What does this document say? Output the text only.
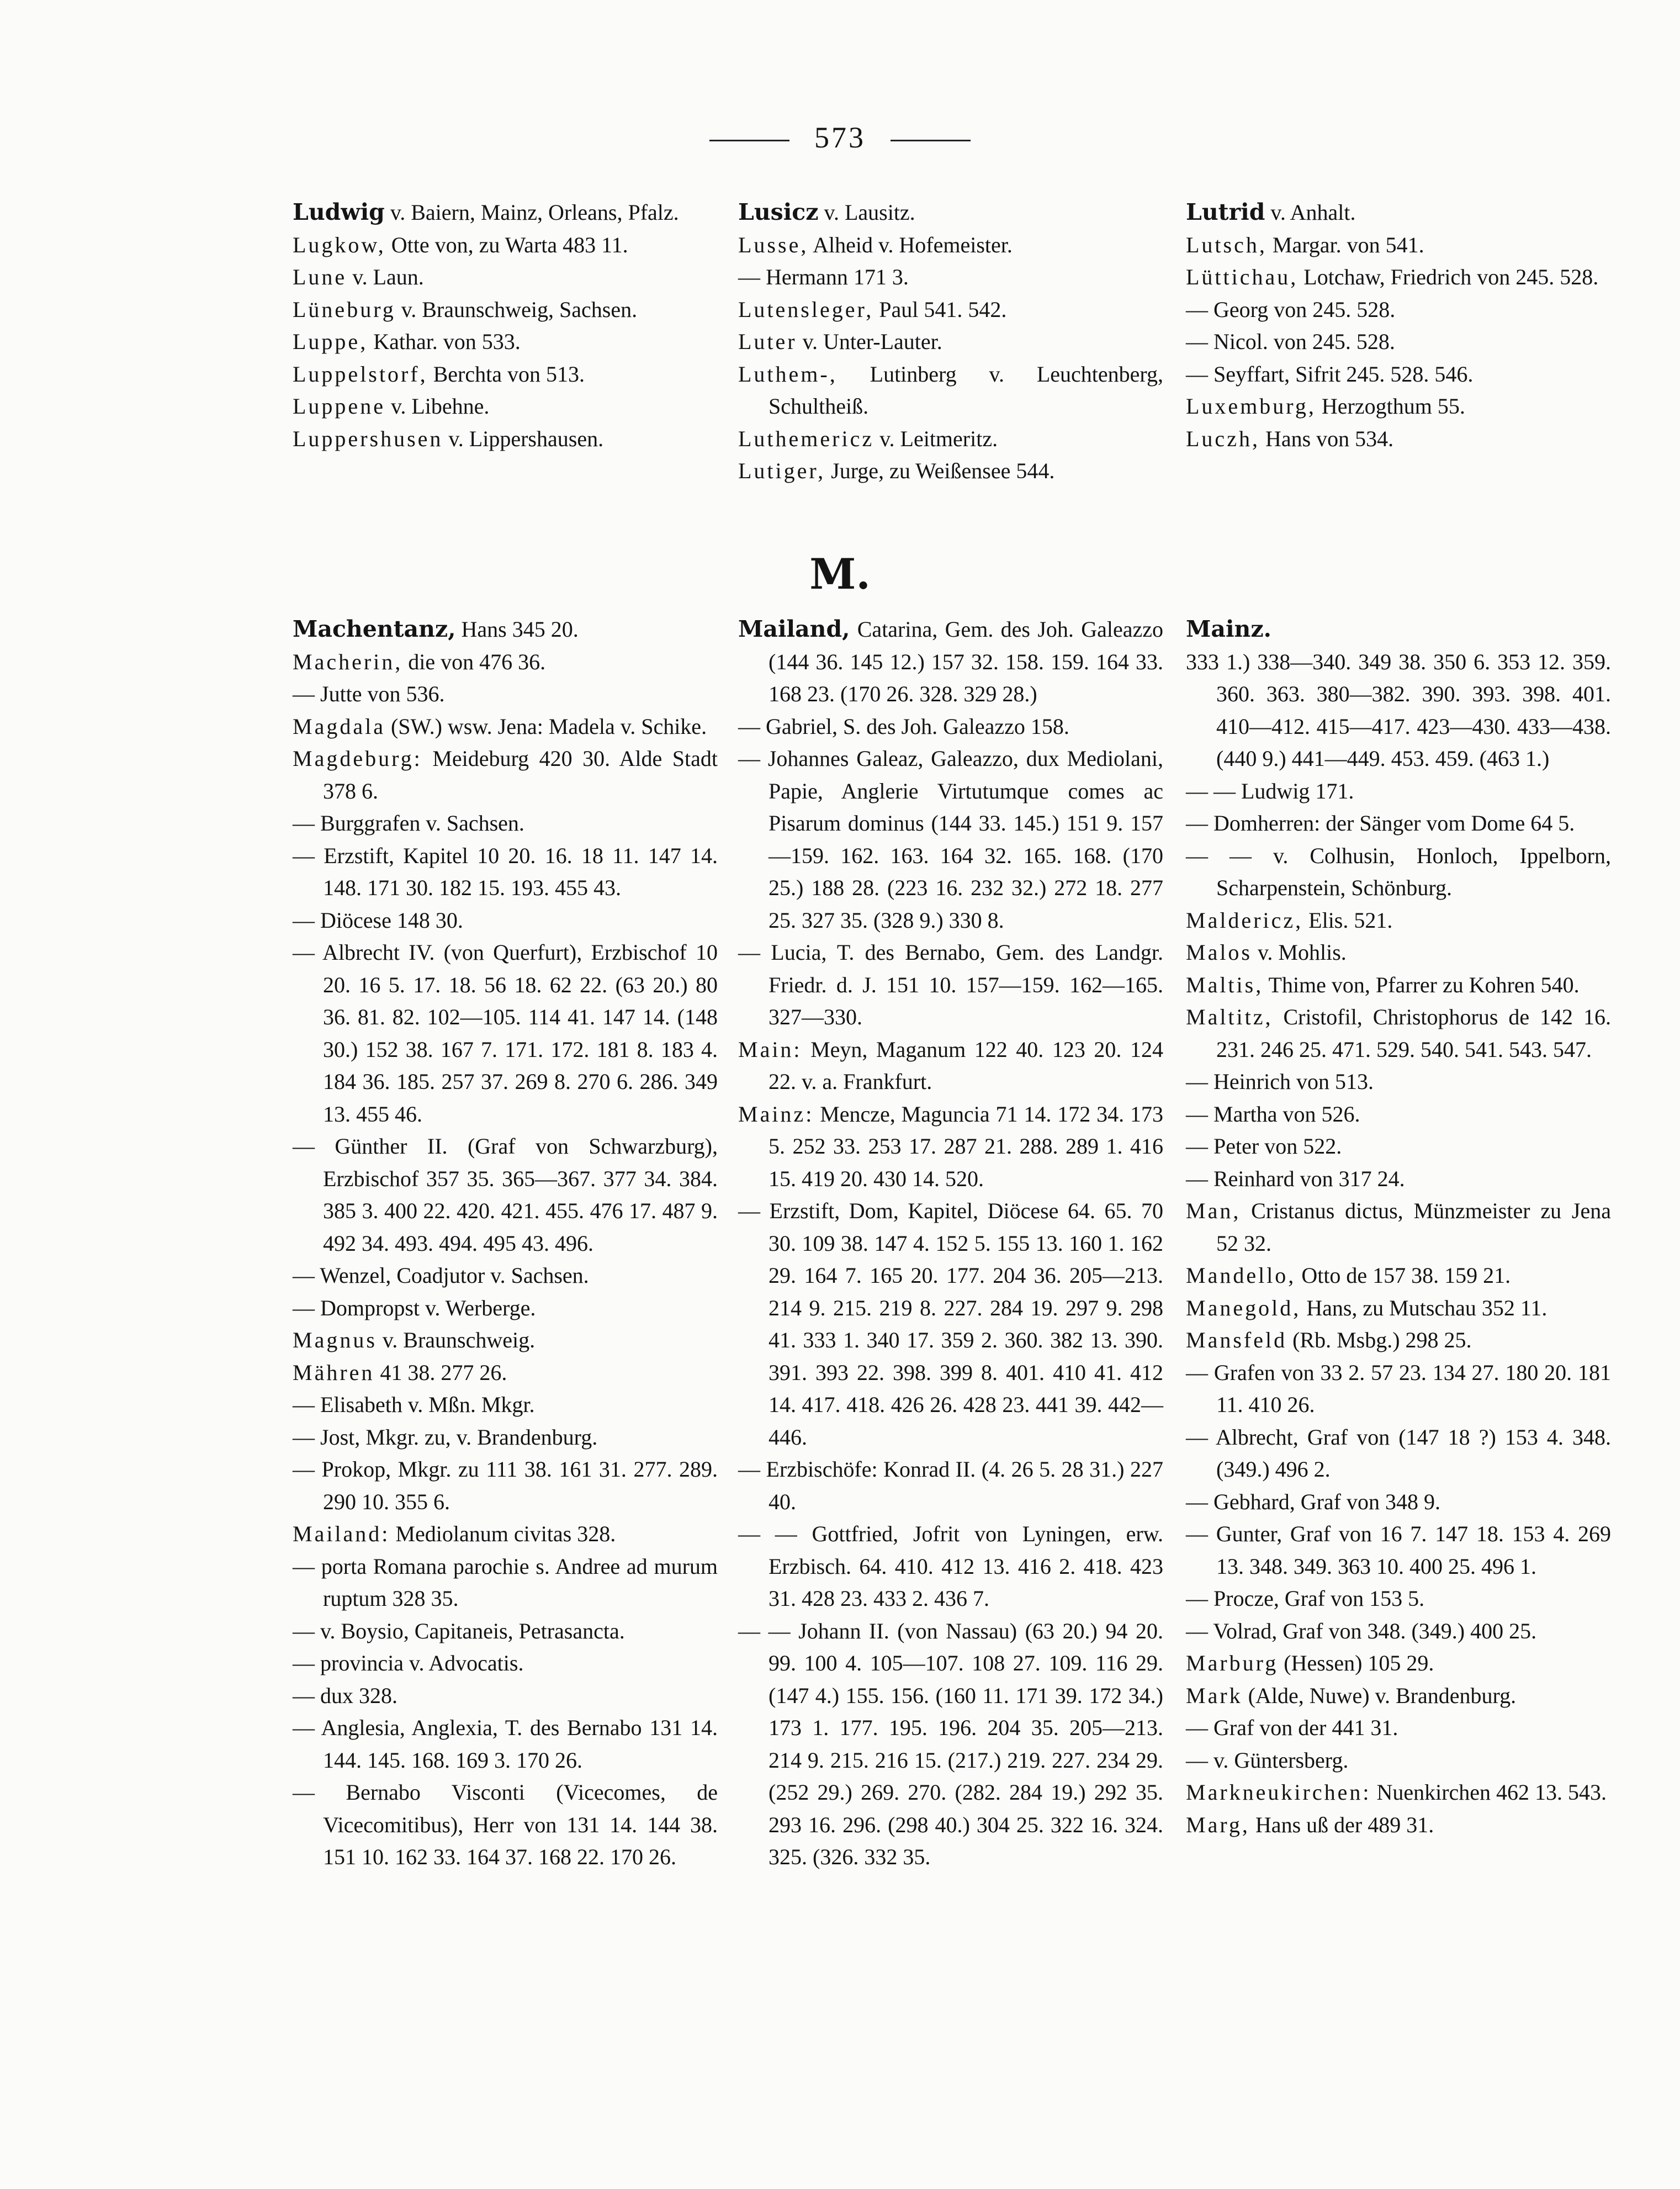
573
Ludwig v. Baiern, Mainz, Orleans, Pfalz.
Lugkow, Otte von, zu Warta 483 11.
Lune v. Laun.
Lüneburg v. Braunschweig, Sachsen.
Luppe, Kathar. von 533.
Luppelstorf, Berchta von 513.
Luppene v. Libehne.
Luppershusen v. Lippershausen.
Lusicz v. Lausitz.
Lusse, Alheid v. Hofemeister.
— Hermann 171 3.
Lutensleger, Paul 541. 542.
Luter v. Unter-Lauter.
Luthem-, Lutinberg v. Leuchtenberg, Schultheiß.
Luthemericz v. Leitmeritz.
Lutiger, Jurge, zu Weißensee 544.
Lutrid v. Anhalt.
Lutsch, Margar. von 541.
Lüttichau, Lotchaw, Friedrich von 245. 528.
— Georg von 245. 528.
— Nicol. von 245. 528.
— Seyffart, Sifrit 245. 528. 546.
Luxemburg, Herzogthum 55.
Luczh, Hans von 534.
M.
Machentanz, Hans 345 20.
Macherin, die von 476 36.
— Jutte von 536.
Magdala (SW.) wsw. Jena: Madela v. Schike.
Magdeburg: Meideburg 420 30. Alde Stadt 378 6.
— Burggrafen v. Sachsen.
— Erzstift, Kapitel 10 20. 16. 18 11. 147 14. 148. 171 30. 182 15. 193. 455 43.
— Diöcese 148 30.
— Albrecht IV. (von Querfurt), Erzbischof 10 20. 16 5. 17. 18. 56 18. 62 22. (63 20.) 80 36. 81. 82. 102—105. 114 41. 147 14. (148 30.) 152 38. 167 7. 171. 172. 181 8. 183 4. 184 36. 185. 257 37. 269 8. 270 6. 286. 349 13. 455 46.
— Günther II. (Graf von Schwarzburg), Erzbischof 357 35. 365—367. 377 34. 384. 385 3. 400 22. 420. 421. 455. 476 17. 487 9. 492 34. 493. 494. 495 43. 496.
— Wenzel, Coadjutor v. Sachsen.
— Dompropst v. Werberge.
Magnus v. Braunschweig.
Mähren 41 38. 277 26.
— Elisabeth v. Mßn. Mkgr.
— Jost, Mkgr. zu, v. Brandenburg.
— Prokop, Mkgr. zu 111 38. 161 31. 277. 289. 290 10. 355 6.
Mailand: Mediolanum civitas 328.
— porta Romana parochie s. Andree ad murum ruptum 328 35.
— v. Boysio, Capitaneis, Petrasancta.
— provincia v. Advocatis.
— dux 328.
— Anglesia, Anglexia, T. des Bernabo 131 14. 144. 145. 168. 169 3. 170 26.
— Bernabo Visconti (Vicecomes, de Vicecomitibus), Herr von 131 14. 144 38. 151 10. 162 33. 164 37. 168 22. 170 26.
Mailand, Catarina, Gem. des Joh. Galeazzo (144 36. 145 12.) 157 32. 158. 159. 164 33. 168 23. (170 26. 328. 329 28.)
— Gabriel, S. des Joh. Galeazzo 158.
— Johannes Galeaz, Galeazzo, dux Mediolani, Papie, Anglerie Virtutumque comes ac Pisarum dominus (144 33. 145.) 151 9. 157—159. 162. 163. 164 32. 165. 168. (170 25.) 188 28. (223 16. 232 32.) 272 18. 277 25. 327 35. (328 9.) 330 8.
— Lucia, T. des Bernabo, Gem. des Landgr. Friedr. d. J. 151 10. 157—159. 162—165. 327—330.
Main: Meyn, Maganum 122 40. 123 20. 124 22. v. a. Frankfurt.
Mainz: Mencze, Maguncia 71 14. 172 34. 173 5. 252 33. 253 17. 287 21. 288. 289 1. 416 15. 419 20. 430 14. 520.
— Erzstift, Dom, Kapitel, Diöcese 64. 65. 70 30. 109 38. 147 4. 152 5. 155 13. 160 1. 162 29. 164 7. 165 20. 177. 204 36. 205—213. 214 9. 215. 219 8. 227. 284 19. 297 9. 298 41. 333 1. 340 17. 359 2. 360. 382 13. 390. 391. 393 22. 398. 399 8. 401. 410 41. 412 14. 417. 418. 426 26. 428 23. 441 39. 442—446.
— Erzbischöfe: Konrad II. (4. 26 5. 28 31.) 227 40.
— — Gottfried, Jofrit von Lyningen, erw. Erzbisch. 64. 410. 412 13. 416 2. 418. 423 31. 428 23. 433 2. 436 7.
— — Johann II. (von Nassau) (63 20.) 94 20. 99. 100 4. 105—107. 108 27. 109. 116 29. (147 4.) 155. 156. (160 11. 171 39. 172 34.) 173 1. 177. 195. 196. 204 35. 205—213. 214 9. 215. 216 15. (217.) 219. 227. 234 29. (252 29.) 269. 270. (282. 284 19.) 292 35. 293 16. 296. (298 40.) 304 25. 322 16. 324. 325. (326. 332 35.
Mainz.
333 1.) 338—340. 349 38. 350 6. 353 12. 359. 360. 363. 380—382. 390. 393. 398. 401. 410—412. 415—417. 423—430. 433—438. (440 9.) 441—449. 453. 459. (463 1.)
— — Ludwig 171.
— Domherren: der Sänger vom Dome 64 5.
— — v. Colhusin, Honloch, Ippelborn, Scharpenstein, Schönburg.
Maldericz, Elis. 521.
Malos v. Mohlis.
Maltis, Thime von, Pfarrer zu Kohren 540.
Maltitz, Cristofil, Christophorus de 142 16. 231. 246 25. 471. 529. 540. 541. 543. 547.
— Heinrich von 513.
— Martha von 526.
— Peter von 522.
— Reinhard von 317 24.
Man, Cristanus dictus, Münzmeister zu Jena 52 32.
Mandello, Otto de 157 38. 159 21.
Manegold, Hans, zu Mutschau 352 11.
Mansfeld (Rb. Msbg.) 298 25.
— Grafen von 33 2. 57 23. 134 27. 180 20. 181 11. 410 26.
— Albrecht, Graf von (147 18 ?) 153 4. 348. (349.) 496 2.
— Gebhard, Graf von 348 9.
— Gunter, Graf von 16 7. 147 18. 153 4. 269 13. 348. 349. 363 10. 400 25. 496 1.
— Procze, Graf von 153 5.
— Volrad, Graf von 348. (349.) 400 25.
Marburg (Hessen) 105 29.
Mark (Alde, Nuwe) v. Brandenburg.
— Graf von der 441 31.
— v. Güntersberg.
Markneukirchen: Nuenkirchen 462 13. 543.
Marg, Hans uß der 489 31.
